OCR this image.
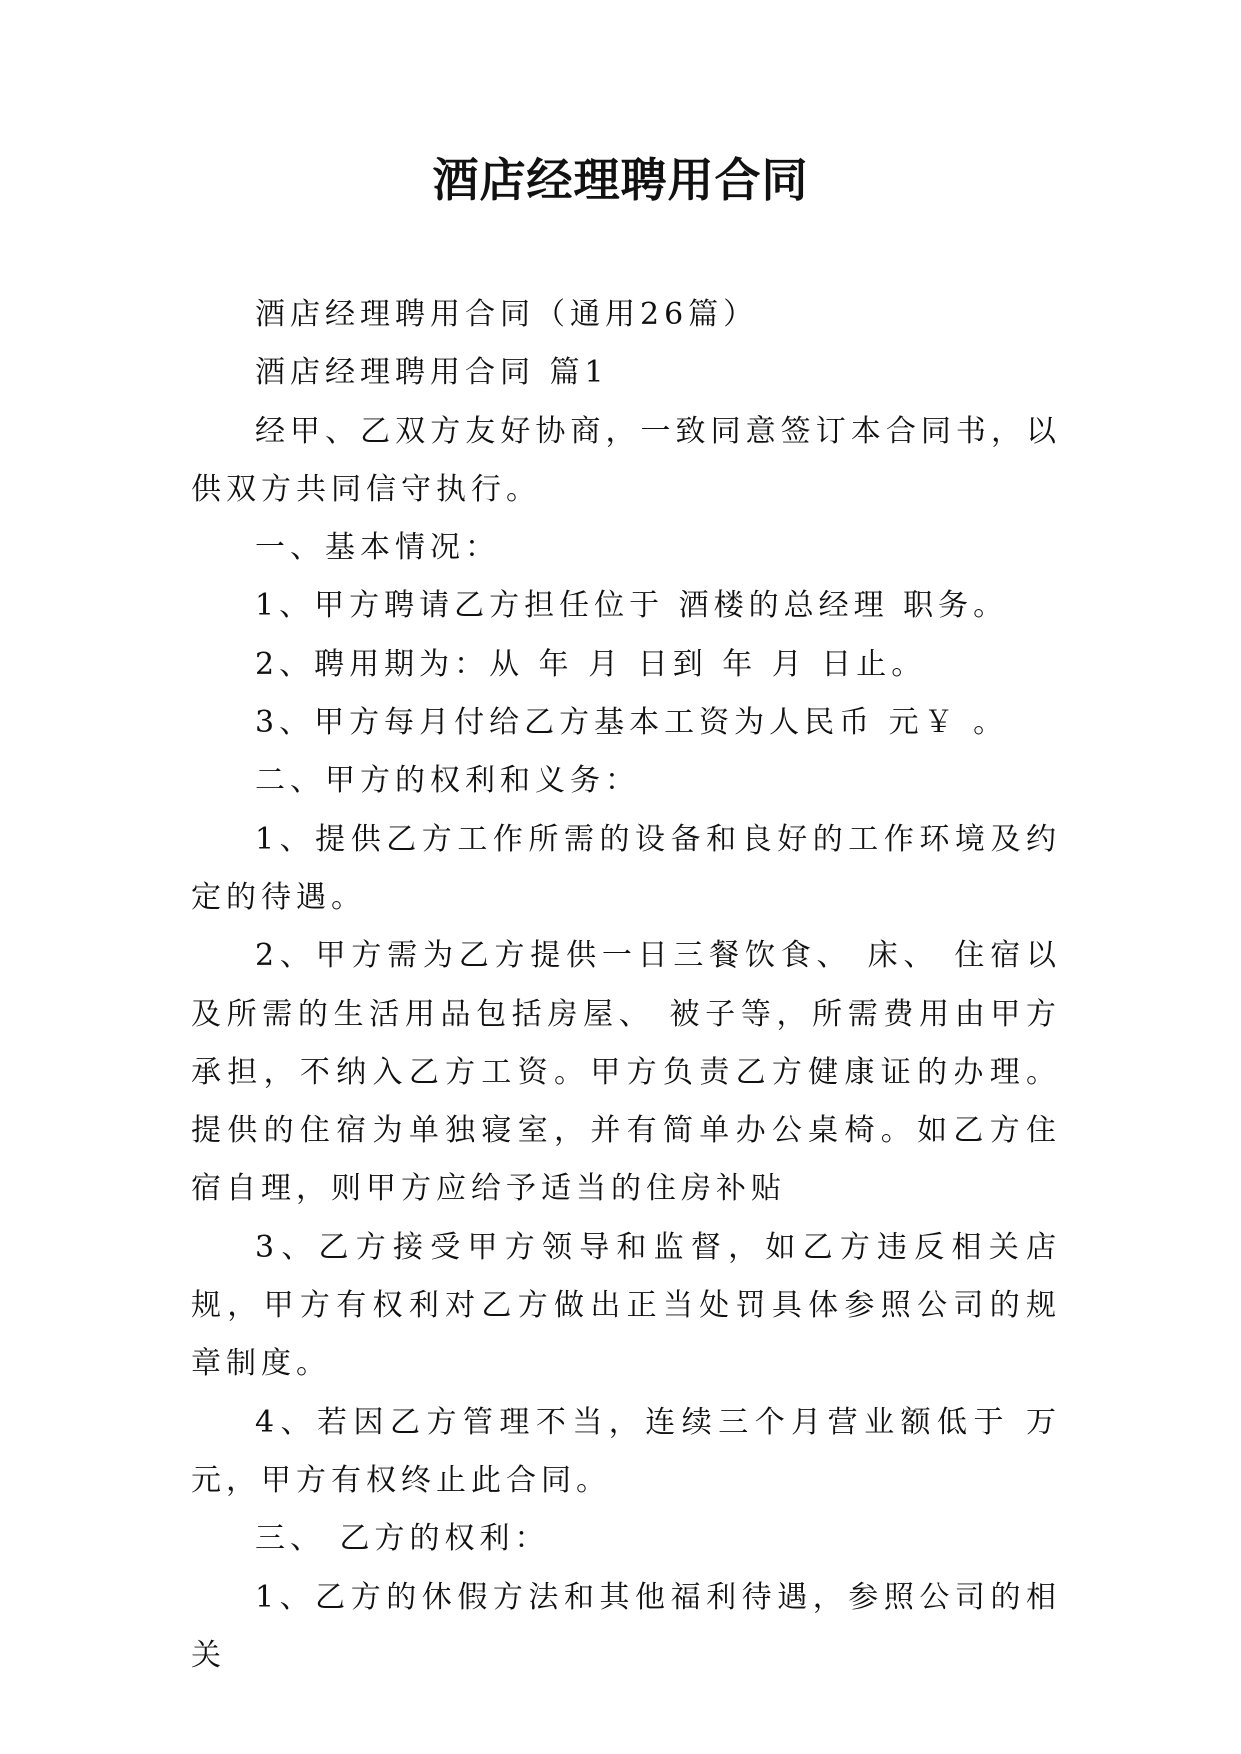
酒店经理聘用合同

酒店经理聘用合同（通用26篇）

酒店经理聘用合同 篇1

经甲、乙双方友好协商，一致同意签订本合同书，以供双方共同信守执行。

一、基本情况：

1、甲方聘请乙方担任位于 酒楼的总经理 职务。

2、聘用期为：从 年 月 日到 年 月 日止。

3、甲方每月付给乙方基本工资为人民币 元￥ 。

二、甲方的权利和义务：

1、提供乙方工作所需的设备和良好的工作环境及约定的待遇。

2、甲方需为乙方提供一日三餐饮食、 床、 住宿以及所需的生活用品包括房屋、 被子等，所需费用由甲方承担，不纳入乙方工资。甲方负责乙方健康证的办理。提供的住宿为单独寝室，并有简单办公桌椅。如乙方住宿自理，则甲方应给予适当的住房补贴

3、乙方接受甲方领导和监督，如乙方违反相关店规，甲方有权利对乙方做出正当处罚具体参照公司的规章制度。

4、若因乙方管理不当，连续三个月营业额低于 万元，甲方有权终止此合同。

三、 乙方的权利：

1、乙方的休假方法和其他福利待遇，参照公司的相关
